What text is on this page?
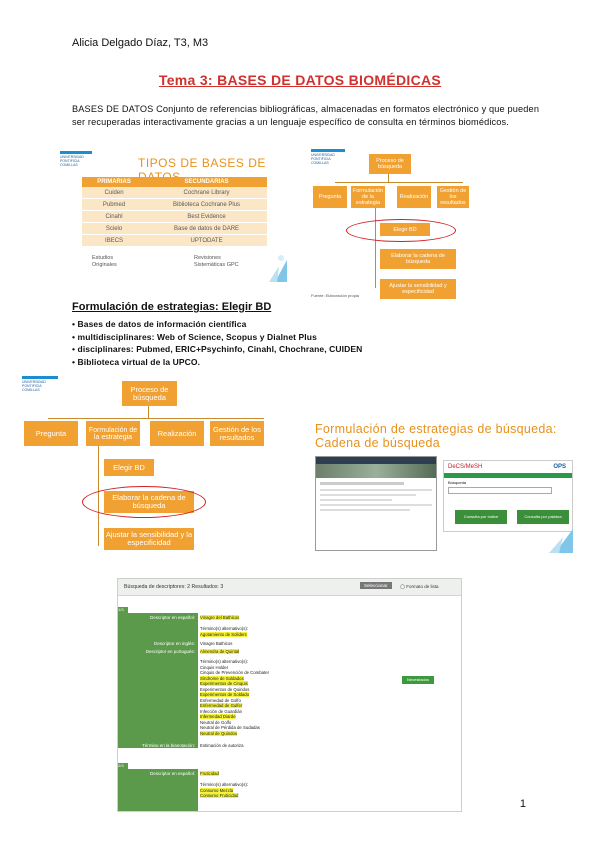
Alicia Delgado Díaz, T3, M3
Tema 3: BASES DE DATOS BIOMÉDICAS
BASES DE DATOS Conjunto de referencias bibliográficas, almacenadas en formatos electrónico y que pueden ser recuperadas interactivamente gracias a un lenguaje específico de consulta en términos biomédicos.
UNIVERSIDAD PONTIFICIA COMILLAS	TIPOS DE BASES DE
PRIMARIAS	SECUNDARIAS
Cuiden	Cochrane Library
Pubmed	Biblioteca Cochrane Plus
Cinahl	Best Evidence
Scielo	Base de datos de DARE
IBECS	UPTODATE
Estudios Originales
Revisiones Sistemáticas GPC
UNIVERSIDAD PONTIFICIA COMILLAS	Proceso de búsqueda
Pregunta
Formulación de la estrategia
Realización
Gestión de los resultados
Elegir BD
Elaborar la cadena de búsqueda
Ajustar la sensibilidad y especificidad
Fuente: Elaboración propia
Formulación de estrategias: Elegir BD
• Bases de datos de información científica
• multidisciplinares: Web of Science, Scopus y Dialnet Plus
• disciplinares: Pubmed, ERIC+Psychinfo, Cinahl, Chochrane, CUIDEN
• Biblioteca virtual de la UPCO.
UNIVERSIDAD PONTIFICIA COMILLAS	Proceso de búsqueda
Pregunta	Formulación de la estrategia	Realización	Gestión de los resultados
Elegir BD
Elaborar la cadena de búsqueda
Ajustar la sensibilidad y la especificidad
Formulación de estrategias de búsqueda: Cadena de búsqueda
DeCS/MeSH	OPS
Búsqueda
Consulta por índice	Consulta por palabra
Búsqueda de descriptores: 2 Resultados: 3	Seleccionar	◯ Formato de lista
1/3
Descriptor en español:	Vinagre del Bathicos
Término(s) alternativo(s):
Agotamiento de Soliders
Descriptor en inglés:	Vinagre Bathicos
Descriptor en portugués:	Almendra de Quintal
Término(s) alternativo(s):
Cinquis Holder
Cinquis de Prevención de Combater
Síndrome de Soldados
Experimentos de Cinquis
Experimentos de Quindos
Experimentos de Soldado
Enfermedad de Golfo
Enfermedad de Gulfer
Infección de Guardián
Infermedad Diarde
Neutral de Golfo
Neutral de Pérdida de Sudadas
Neutral de Quindos
Necesitados
Término en la bianotación:	Estimación de autoriza
2/3
Descriptor en español:	Fruticidad
Término(s) alternativo(s):
Consumo Mezcla
Consumo Fruticidad
1
